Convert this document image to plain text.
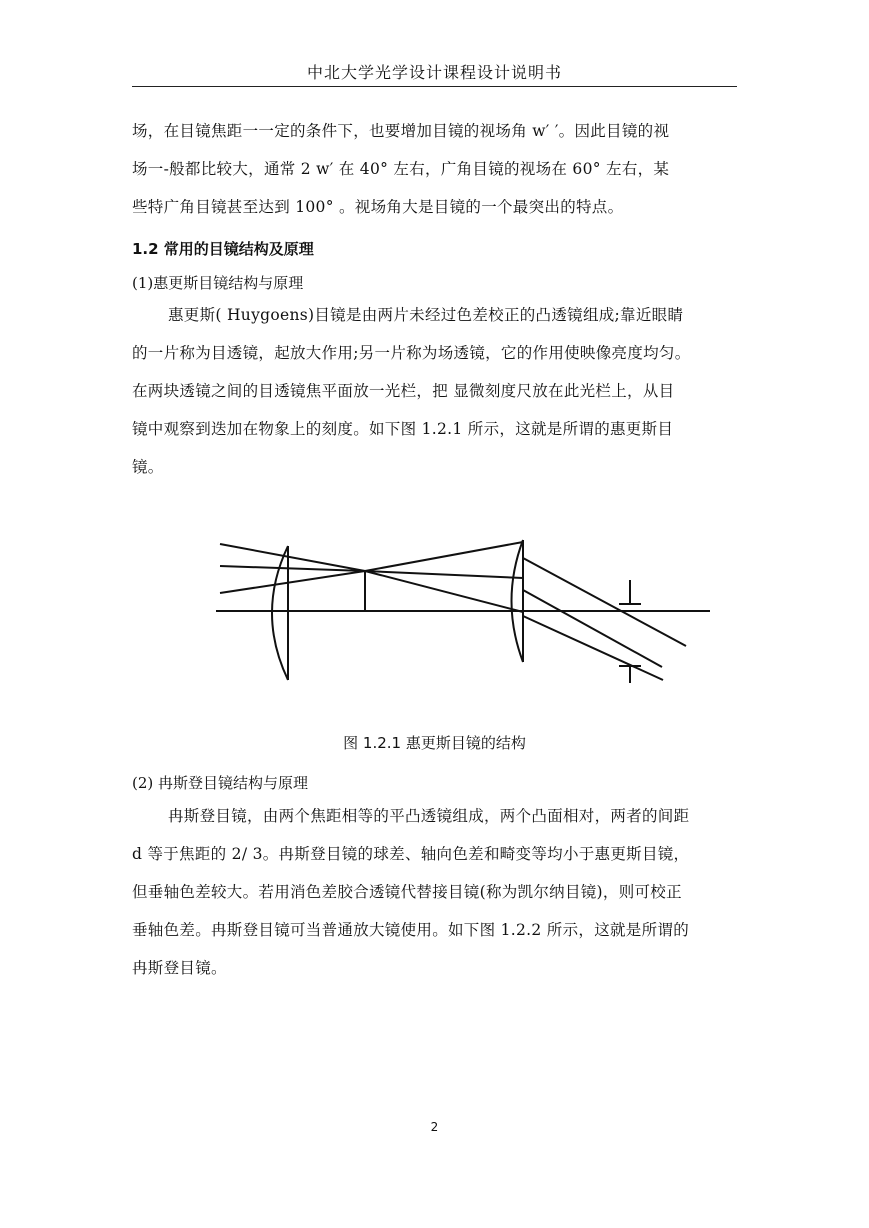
中北大学光学设计课程设计说明书
场，在目镜焦距一一定的条件下，也要增加目镜的视场角 w′ ′。因此目镜的视
场一-般都比较大，通常 2 w′ 在 40° 左右，广角目镜的视场在 60° 左右，某
些特广角目镜甚至达到 100° 。视场角大是目镜的一个最突出的特点。
1.2 常用的目镜结构及原理
(1)惠更斯目镜结构与原理
惠更斯( Huygoens)目镜是由两片未经过色差校正的凸透镜组成;靠近眼睛
的一片称为目透镜，起放大作用;另一片称为场透镜，它的作用使映像亮度均匀。
在两块透镜之间的目透镜焦平面放一光栏，把 显微刻度尺放在此光栏上，从目
镜中观察到迭加在物象上的刻度。如下图 1.2.1 所示，这就是所谓的惠更斯目
镜。
图 1.2.1 惠更斯目镜的结构
(2) 冉斯登目镜结构与原理
冉斯登目镜，由两个焦距相等的平凸透镜组成，两个凸面相对，两者的间距
d 等于焦距的 2/ 3。冉斯登目镜的球差、轴向色差和畸变等均小于惠更斯目镜，
但垂轴色差较大。若用消色差胶合透镜代替接目镜(称为凯尔纳目镜)，则可校正
垂轴色差。冉斯登目镜可当普通放大镜使用。如下图 1.2.2 所示，这就是所谓的
冉斯登目镜。
2
